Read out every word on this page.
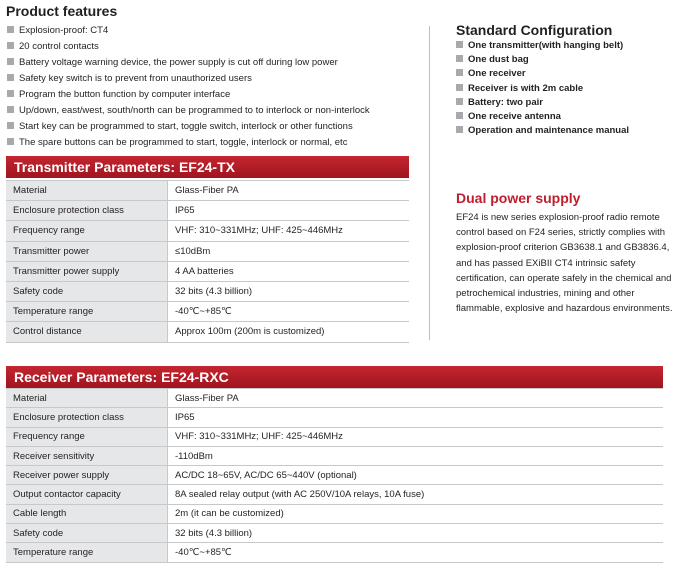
Product features
Explosion-proof: CT4
20 control contacts
Battery voltage warning device, the power supply is cut off during low power
Safety key switch is to prevent from unauthorized users
Program the button function by computer interface
Up/down, east/west, south/north can be programmed to to interlock or non-interlock
Start key can be programmed to start, toggle switch, interlock or other functions
The spare buttons can be programmed to start, toggle, interlock or normal, etc
Standard Configuration
One transmitter(with hanging belt)
One dust bag
One receiver
Receiver is with 2m cable
Battery: two pair
One receive antenna
Operation and maintenance manual
Dual power supply
EF24 is new series explosion-proof radio remote control based on F24 series, strictly complies with explosion-proof criterion GB3638.1 and GB3836.4, and has passed EXiBII CT4 intrinsic safety certification, can operate safely in the chemical and petrochemical industries, mining and other flammable, explosive and hazardous environments.
Transmitter Parameters: EF24-TX
Material	Glass-Fiber PA
Enclosure protection class	IP65
Frequency range	VHF: 310~331MHz; UHF: 425~446MHz
Transmitter power	≤10dBm
Transmitter power supply	4 AA batteries
Safety code	32 bits (4.3 billion)
Temperature range	-40℃~+85℃
Control distance	Approx 100m (200m is customized)
Receiver Parameters: EF24-RXC
Material	Glass-Fiber PA
Enclosure protection class	IP65
Frequency range	VHF: 310~331MHz; UHF: 425~446MHz
Receiver sensitivity	-110dBm
Receiver power supply	AC/DC 18~65V, AC/DC 65~440V (optional)
Output contactor capacity	8A sealed relay output (with AC 250V/10A relays, 10A fuse)
Cable length	2m (it can be customized)
Safety code	32 bits (4.3 billion)
Temperature range	-40℃~+85℃
